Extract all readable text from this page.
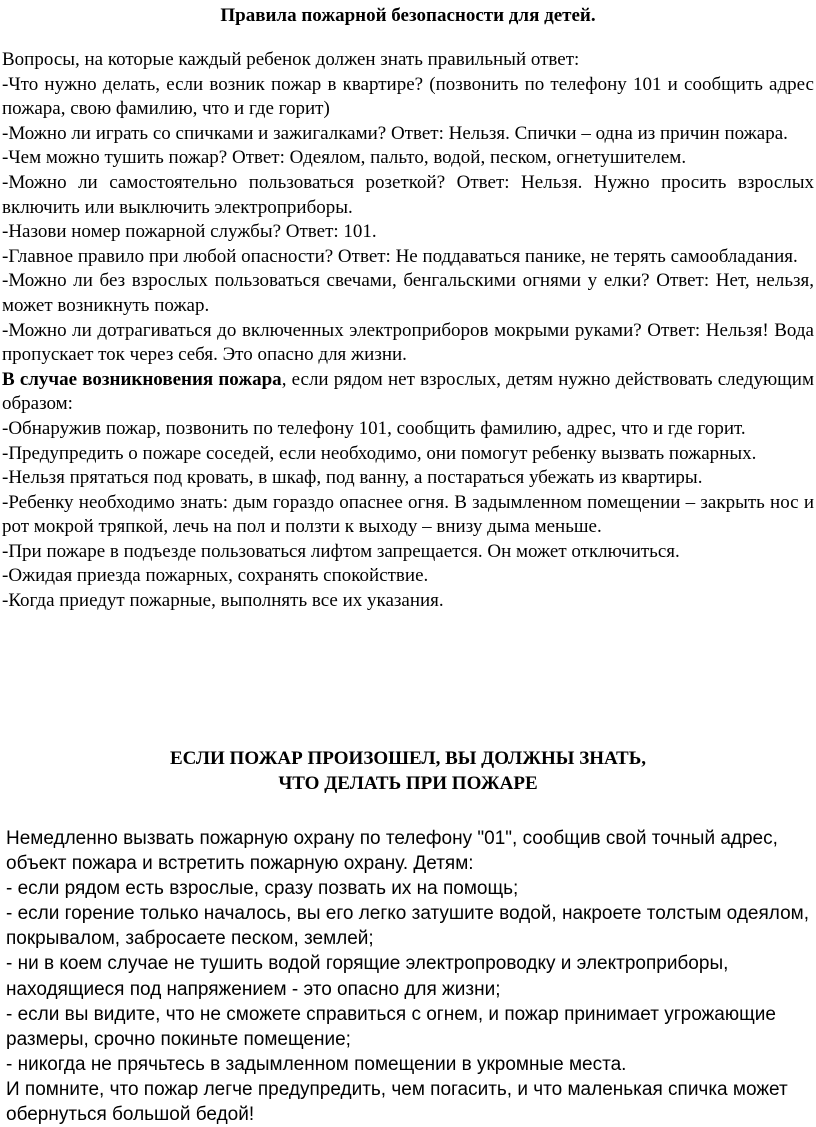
Правила пожарной безопасности для детей.

Вопросы, на которые каждый ребенок должен знать правильный ответ:

-Что нужно делать, если возник пожар в квартире? (позвонить по телефону 101 и сообщить адрес пожара, свою фамилию, что и где горит)

-Можно ли играть со спичками и зажигалками? Ответ: Нельзя. Спички – одна из причин пожара.

-Чем можно тушить пожар? Ответ: Одеялом, пальто, водой, песком, огнетушителем.

-Можно ли самостоятельно пользоваться розеткой? Ответ: Нельзя. Нужно просить взрослых включить или выключить электроприборы.

-Назови номер пожарной службы? Ответ: 101.

-Главное правило при любой опасности? Ответ: Не поддаваться панике, не терять самообладания.

-Можно ли без взрослых пользоваться свечами, бенгальскими огнями у елки? Ответ: Нет, нельзя, может возникнуть пожар.

-Можно ли дотрагиваться до включенных электроприборов мокрыми руками? Ответ: Нельзя! Вода пропускает ток через себя. Это опасно для жизни.

В случае возникновения пожара, если рядом нет взрослых, детям нужно действовать следующим образом:

-Обнаружив пожар, позвонить по телефону 101, сообщить фамилию, адрес, что и где горит.

-Предупредить о пожаре соседей, если необходимо, они помогут ребенку вызвать пожарных.

-Нельзя прятаться под кровать, в шкаф, под ванну, а постараться убежать из квартиры.

-Ребенку необходимо знать: дым гораздо опаснее огня. В задымленном помещении – закрыть нос и рот мокрой тряпкой, лечь на пол и ползти к выходу – внизу дыма меньше.

-При пожаре в подъезде пользоваться лифтом запрещается. Он может отключиться.

-Ожидая приезда пожарных, сохранять спокойствие.

-Когда приедут пожарные, выполнять все их указания.

ЕСЛИ ПОЖАР ПРОИЗОШЕЛ, ВЫ ДОЛЖНЫ ЗНАТЬ,
ЧТО ДЕЛАТЬ ПРИ ПОЖАРЕ

Немедленно вызвать пожарную охрану по телефону "01", сообщив свой точный адрес,

объект пожара и встретить пожарную охрану. Детям:

- если рядом есть взрослые, сразу позвать их на помощь;

- если горение только началось, вы его легко затушите водой, накроете толстым одеялом,

покрывалом, забросаете песком, землей;

- ни в коем случае не тушить водой горящие электропроводку и электроприборы,

находящиеся под напряжением - это опасно для жизни;

- если вы видите, что не сможете справиться с огнем, и пожар принимает угрожающие

размеры, срочно покиньте помещение;

- никогда не прячьтесь в задымленном помещении в укромные места.

И помните, что пожар легче предупредить, чем погасить, и что маленькая спичка может

обернуться большой бедой!
